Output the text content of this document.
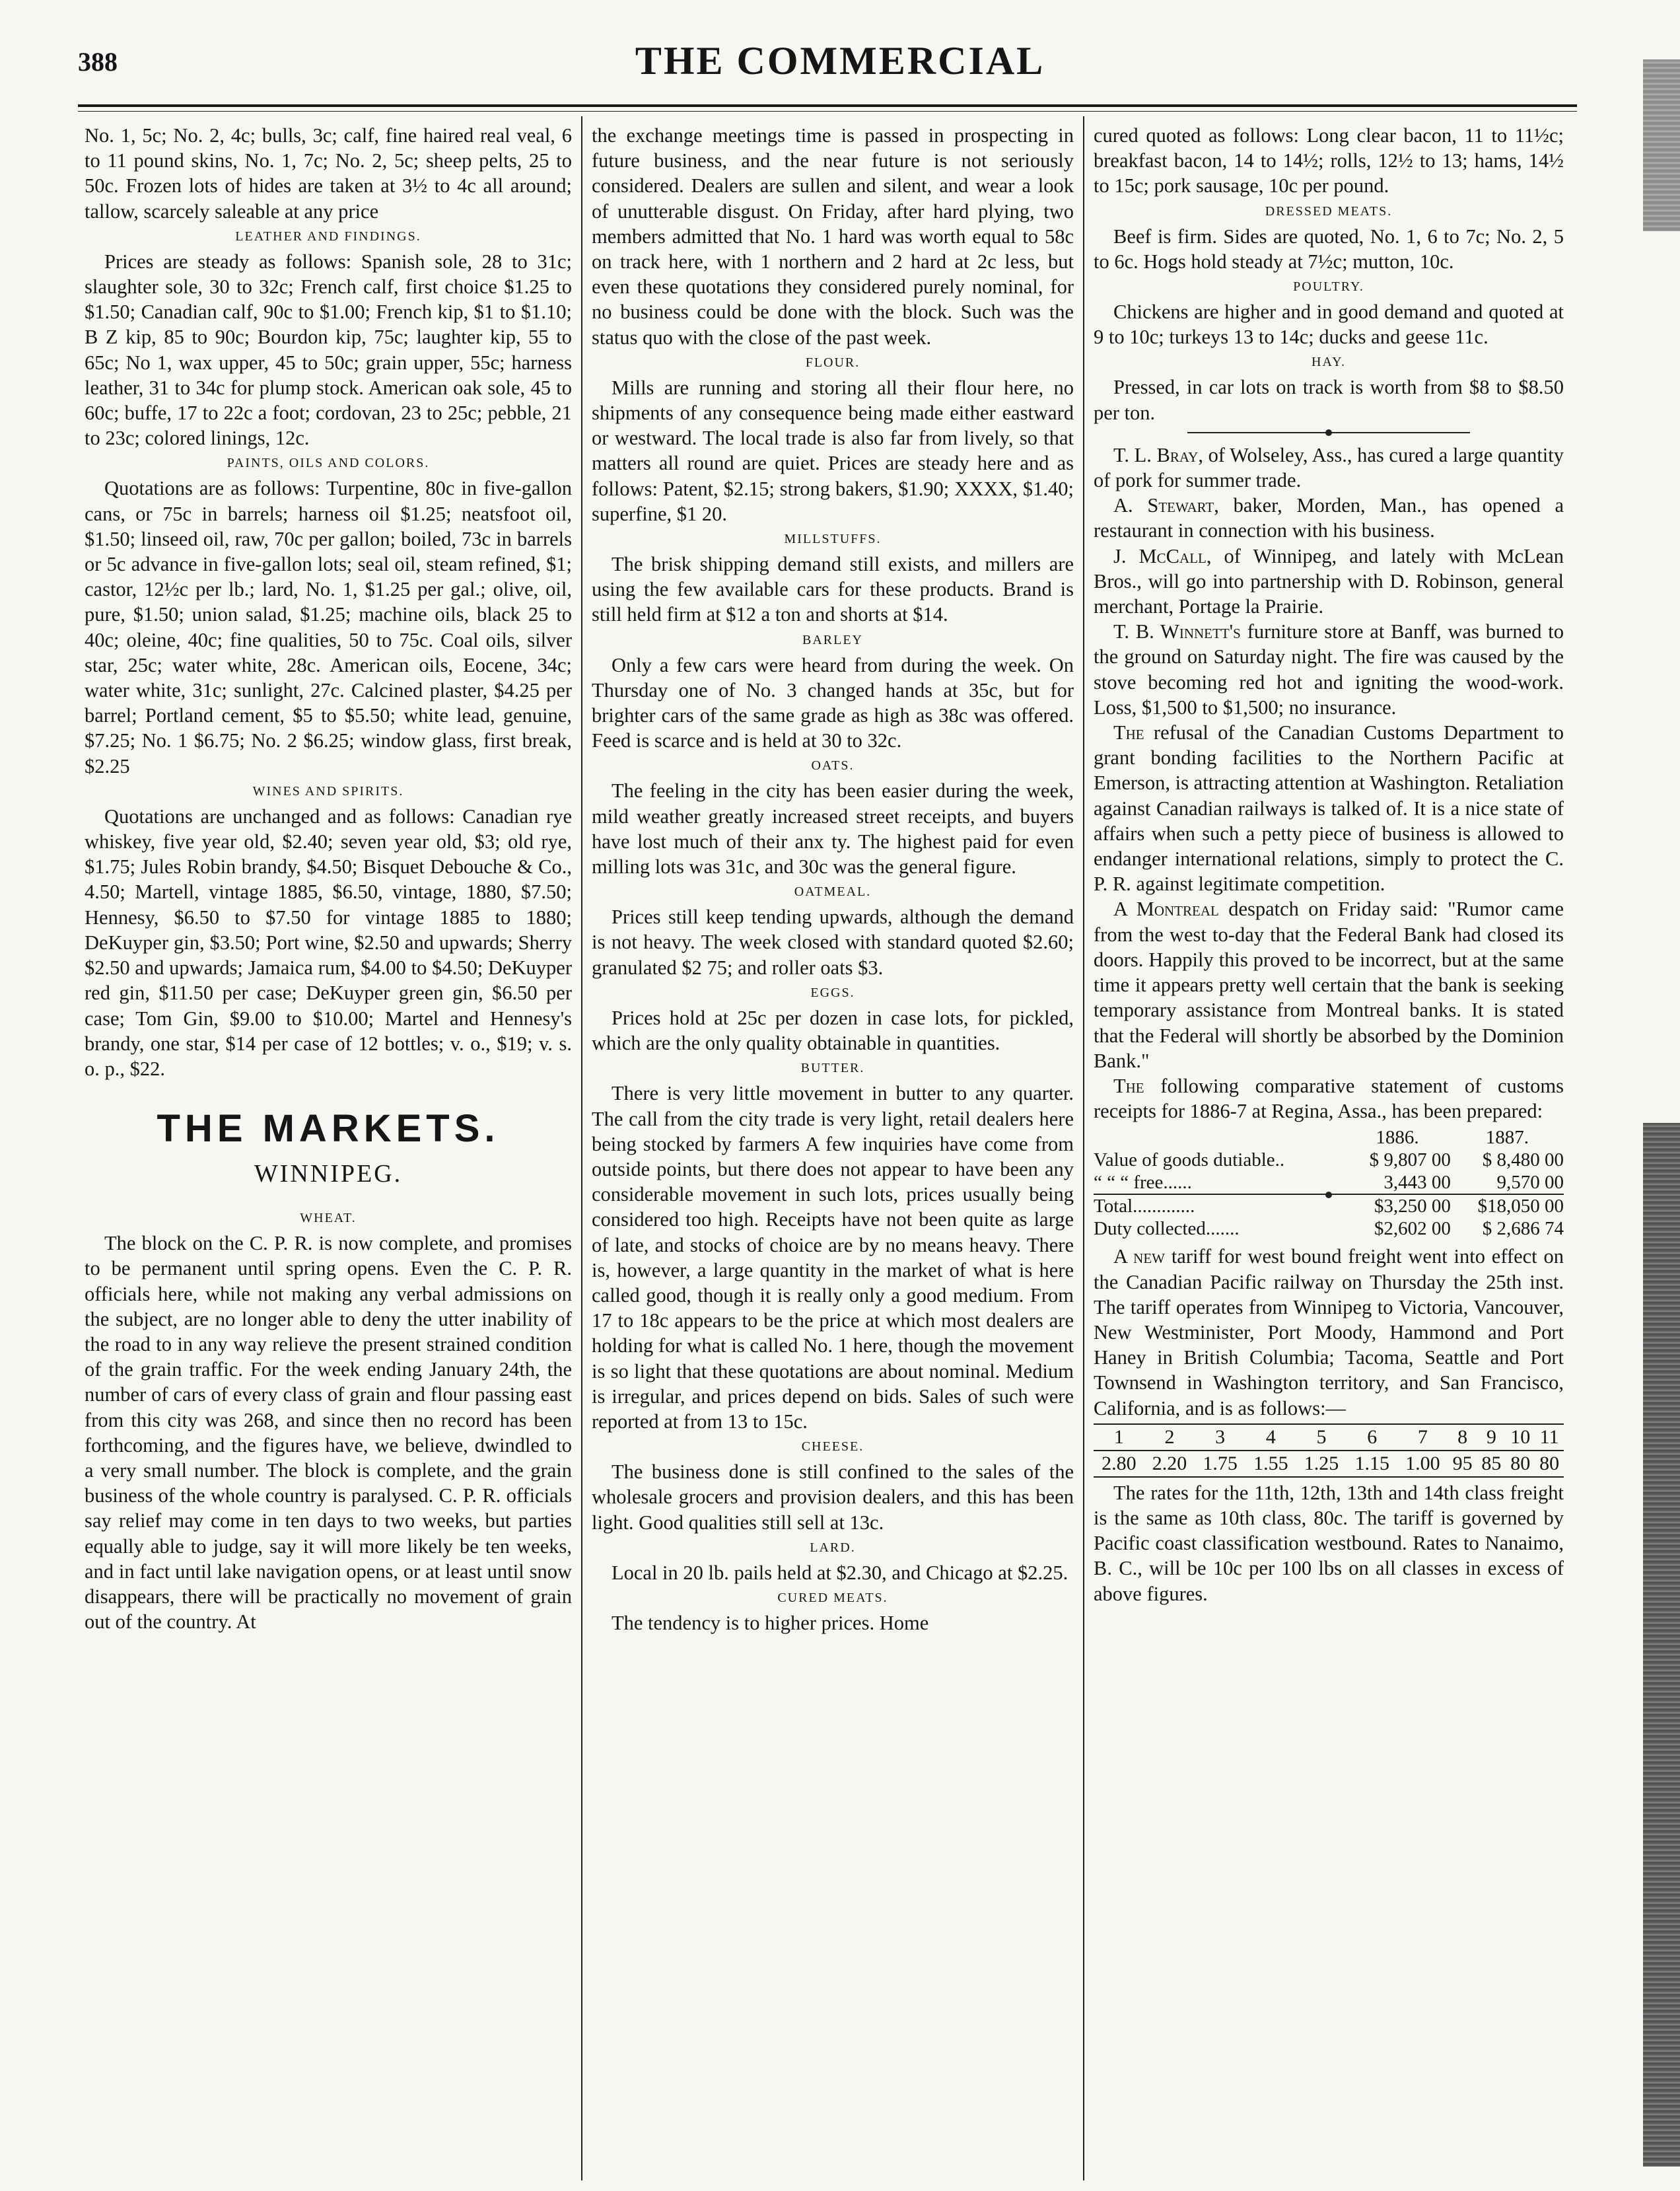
388	THE COMMERCIAL

No. 1, 5c; No. 2, 4c; bulls, 3c; calf, fine haired real veal, 6 to 11 pound skins, No. 1, 7c; No. 2, 5c; sheep pelts, 25 to 50c. Frozen lots of hides are taken at 3½ to 4c all around; tallow, scarcely saleable at any price

LEATHER AND FINDINGS.

Prices are steady as follows: Spanish sole, 28 to 31c; slaughter sole, 30 to 32c; French calf, first choice $1.25 to $1.50; Canadian calf, 90c to $1.00; French kip, $1 to $1.10; B Z kip, 85 to 90c; Bourdon kip, 75c; laughter kip, 55 to 65c; No 1, wax upper, 45 to 50c; grain upper, 55c; harness leather, 31 to 34c for plump stock. American oak sole, 45 to 60c; buffe, 17 to 22c a foot; cordovan, 23 to 25c; pebble, 21 to 23c; colored linings, 12c.

PAINTS, OILS AND COLORS.

Quotations are as follows: Turpentine, 80c in five-gallon cans, or 75c in barrels; harness oil $1.25; neatsfoot oil, $1.50; linseed oil, raw, 70c per gallon; boiled, 73c in barrels or 5c advance in five-gallon lots; seal oil, steam refined, $1; castor, 12½c per lb.; lard, No. 1, $1.25 per gal.; olive, oil, pure, $1.50; union salad, $1.25; machine oils, black 25 to 40c; oleine, 40c; fine qualities, 50 to 75c. Coal oils, silver star, 25c; water white, 28c. American oils, Eocene, 34c; water white, 31c; sunlight, 27c. Calcined plaster, $4.25 per barrel; Portland cement, $5 to $5.50; white lead, genuine, $7.25; No. 1 $6.75; No. 2 $6.25; window glass, first break, $2.25

WINES AND SPIRITS.

Quotations are unchanged and as follows: Canadian rye whiskey, five year old, $2.40; seven year old, $3; old rye, $1.75; Jules Robin brandy, $4.50; Bisquet Debouche & Co., 4.50; Martell, vintage 1885, $6.50, vintage, 1880, $7.50; Hennesy, $6.50 to $7.50 for vintage 1885 to 1880; DeKuyper gin, $3.50; Port wine, $2.50 and upwards; Sherry $2.50 and upwards; Jamaica rum, $4.00 to $4.50; DeKuyper red gin, $11.50 per case; DeKuyper green gin, $6.50 per case; Tom Gin, $9.00 to $10.00; Martel and Hennesy's brandy, one star, $14 per case of 12 bottles; v. o., $19; v. s. o. p., $22.

THE MARKETS.
WINNIPEG.
WHEAT.

The block on the C. P. R. is now complete, and promises to be permanent until spring opens. Even the C. P. R. officials here, while not making any verbal admissions on the subject, are no longer able to deny the utter inability of the road to in any way relieve the present strained condition of the grain traffic. For the week ending January 24th, the number of cars of every class of grain and flour passing east from this city was 268, and since then no record has been forthcoming, and the figures have, we believe, dwindled to a very small number. The block is complete, and the grain business of the whole country is paralysed. C. P. R. officials say relief may come in ten days to two weeks, but parties equally able to judge, say it will more likely be ten weeks, and in fact until lake navigation opens, or at least until snow disappears, there will be practically no movement of grain out of the country. At

the exchange meetings time is passed in prospecting in future business, and the near future is not seriously considered. Dealers are sullen and silent, and wear a look of unutterable disgust. On Friday, after hard plying, two members admitted that No. 1 hard was worth equal to 58c on track here, with 1 northern and 2 hard at 2c less, but even these quotations they considered purely nominal, for no business could be done with the block. Such was the status quo with the close of the past week.

FLOUR.

Mills are running and storing all their flour here, no shipments of any consequence being made either eastward or westward. The local trade is also far from lively, so that matters all round are quiet. Prices are steady here and as follows: Patent, $2.15; strong bakers, $1.90; XXXX, $1.40; superfine, $1 20.

MILLSTUFFS.

The brisk shipping demand still exists, and millers are using the few available cars for these products. Brand is still held firm at $12 a ton and shorts at $14.

BARLEY

Only a few cars were heard from during the week. On Thursday one of No. 3 changed hands at 35c, but for brighter cars of the same grade as high as 38c was offered. Feed is scarce and is held at 30 to 32c.

OATS.

The feeling in the city has been easier during the week, mild weather greatly increased street receipts, and buyers have lost much of their anx ty. The highest paid for even milling lots was 31c, and 30c was the general figure.

OATMEAL.

Prices still keep tending upwards, although the demand is not heavy. The week closed with standard quoted $2.60; granulated $2 75; and roller oats $3.

EGGS.

Prices hold at 25c per dozen in case lots, for pickled, which are the only quality obtainable in quantities.

BUTTER.

There is very little movement in butter to any quarter. The call from the city trade is very light, retail dealers here being stocked by farmers A few inquiries have come from outside points, but there does not appear to have been any considerable movement in such lots, prices usually being considered too high. Receipts have not been quite as large of late, and stocks of choice are by no means heavy. There is, however, a large quantity in the market of what is here called good, though it is really only a good medium. From 17 to 18c appears to be the price at which most dealers are holding for what is called No. 1 here, though the movement is so light that these quotations are about nominal. Medium is irregular, and prices depend on bids. Sales of such were reported at from 13 to 15c.

CHEESE.

The business done is still confined to the sales of the wholesale grocers and provision dealers, and this has been light. Good qualities still sell at 13c.

LARD.

Local in 20 lb. pails held at $2.30, and Chicago at $2.25.

CURED MEATS.

The tendency is to higher prices. Home

cured quoted as follows: Long clear bacon, 11 to 11½c; breakfast bacon, 14 to 14½; rolls, 12½ to 13; hams, 14½ to 15c; pork sausage, 10c per pound.

DRESSED MEATS.

Beef is firm. Sides are quoted, No. 1, 6 to 7c; No. 2, 5 to 6c. Hogs hold steady at 7½c; mutton, 10c.

POULTRY.

Chickens are higher and in good demand and quoted at 9 to 10c; turkeys 13 to 14c; ducks and geese 11c.

HAY.

Pressed, in car lots on track is worth from $8 to $8.50 per ton.

T. L. Bray, of Wolseley, Ass., has cured a large quantity of pork for summer trade.

A. Stewart, baker, Morden, Man., has opened a restaurant in connection with his business.

J. McCall, of Winnipeg, and lately with McLean Bros., will go into partnership with D. Robinson, general merchant, Portage la Prairie.

T. B. Winnett's furniture store at Banff, was burned to the ground on Saturday night. The fire was caused by the stove becoming red hot and igniting the wood-work. Loss, $1,500 to $1,500; no insurance.

The refusal of the Canadian Customs Department to grant bonding facilities to the Northern Pacific at Emerson, is attracting attention at Washington. Retaliation against Canadian railways is talked of. It is a nice state of affairs when such a petty piece of business is allowed to endanger international relations, simply to protect the C. P. R. against legitimate competition.

A Montreal despatch on Friday said: "Rumor came from the west to-day that the Federal Bank had closed its doors. Happily this proved to be incorrect, but at the same time it appears pretty well certain that the bank is seeking temporary assistance from Montreal banks. It is stated that the Federal will shortly be absorbed by the Dominion Bank."

The following comparative statement of customs receipts for 1886-7 at Regina, Assa., has been prepared:

	1886.	1887.
Value of goods dutiable..	$ 9,807 00	$ 8,480 00
“ “ “ free......	3,443 00	9,570 00
Total.............	$3,250 00	$18,050 00	
Duty collected.......	$2,602 00	$ 2,686 74

A new tariff for west bound freight went into effect on the Canadian Pacific railway on Thursday the 25th inst. The tariff operates from Winnipeg to Victoria, Vancouver, New Westminister, Port Moody, Hammond and Port Haney in British Columbia; Tacoma, Seattle and Port Townsend in Washington territory, and San Francisco, California, and is as follows:—

1	2	3	4	5	6	7	8	9	10	11
2.80	2.20	1.75	1.55	1.25	1.15	1.00	95	85	80	80

The rates for the 11th, 12th, 13th and 14th class freight is the same as 10th class, 80c. The tariff is governed by Pacific coast classification westbound. Rates to Nanaimo, B. C., will be 10c per 100 lbs on all classes in excess of above figures.
